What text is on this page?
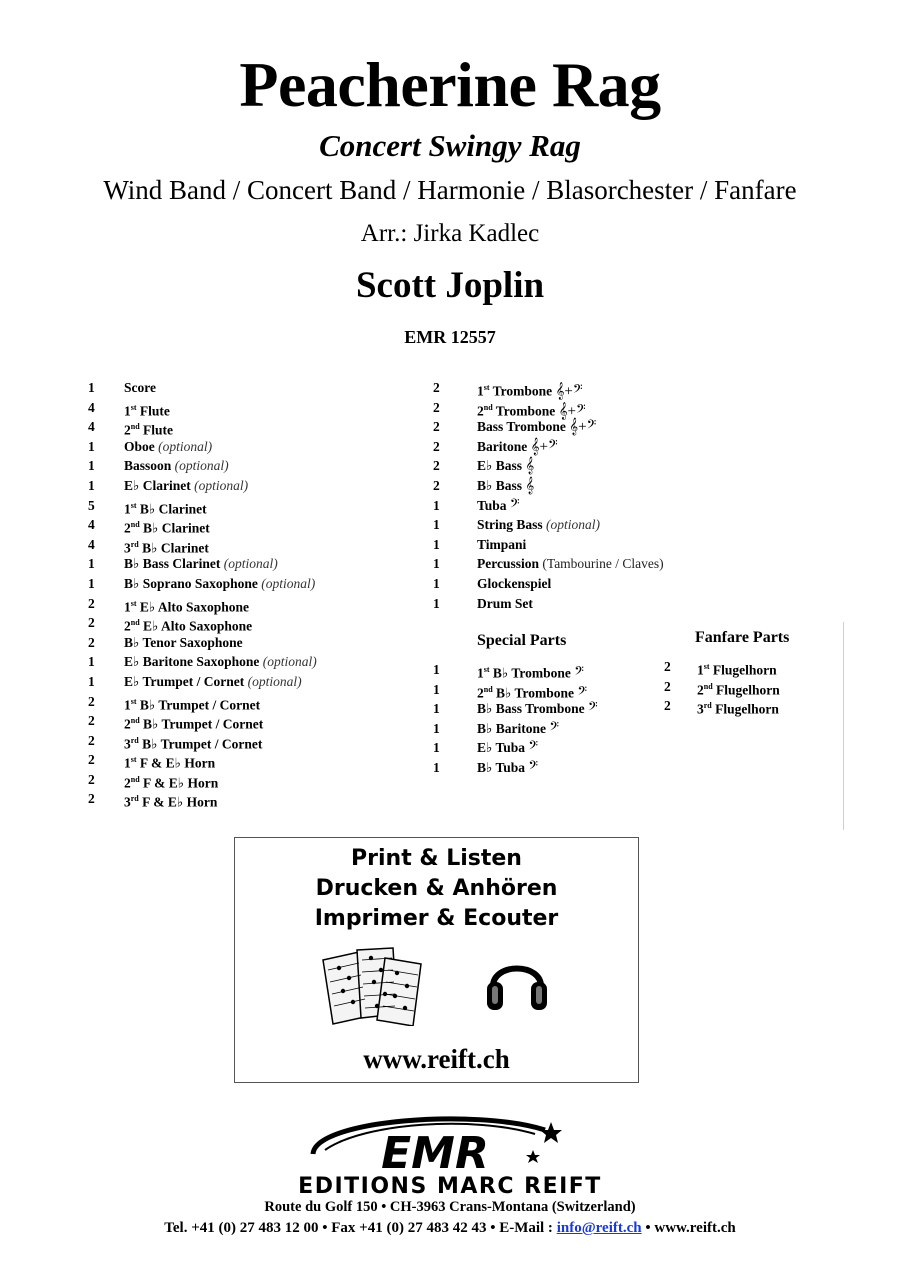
Peacherine Rag
Concert Swingy Rag
Wind Band / Concert Band / Harmonie / Blasorchester / Fanfare
Arr.: Jirka Kadlec
Scott Joplin
EMR 12557
1 Score
4 1st Flute
4 2nd Flute
1 Oboe (optional)
1 Bassoon (optional)
1 E♭ Clarinet (optional)
5 1st B♭ Clarinet
4 2nd B♭ Clarinet
4 3rd B♭ Clarinet
1 B♭ Bass Clarinet (optional)
1 B♭ Soprano Saxophone (optional)
2 1st E♭ Alto Saxophone
2 2nd E♭ Alto Saxophone
2 B♭ Tenor Saxophone
1 E♭ Baritone Saxophone (optional)
1 E♭ Trumpet / Cornet (optional)
2 1st B♭ Trumpet / Cornet
2 2nd B♭ Trumpet / Cornet
2 3rd B♭ Trumpet / Cornet
2 1st F & E♭ Horn
2 2nd F & E♭ Horn
2 3rd F & E♭ Horn
2	1st Trombone 𝄞+𝄢
2	2nd Trombone 𝄞+𝄢
2	Bass Trombone 𝄞+𝄢
2	Baritone 𝄞+𝄢
2	E♭ Bass 𝄞
2	B♭ Bass 𝄞
1	Tuba 𝄢
1	String Bass (optional)
1	Timpani
1	Percussion (Tambourine / Claves)
1	Glockenspiel
1	Drum Set
Special Parts
1	1st B♭ Trombone 𝄢
1	2nd B♭ Trombone 𝄢
1	B♭ Bass Trombone 𝄢
1	B♭ Baritone 𝄢
1	E♭ Tuba 𝄢
1	B♭ Tuba 𝄢
Fanfare Parts
2 1st Flugelhorn
2 2nd Flugelhorn
2 3rd Flugelhorn
Print & Listen
Drucken & Anhören
Imprimer & Ecouter
www.reift.ch
EMR
EDITIONS MARC REIFT
Route du Golf 150 • CH-3963 Crans-Montana (Switzerland)
Tel. +41 (0) 27 483 12 00 • Fax +41 (0) 27 483 42 43 • E-Mail : info@reift.ch • www.reift.ch
